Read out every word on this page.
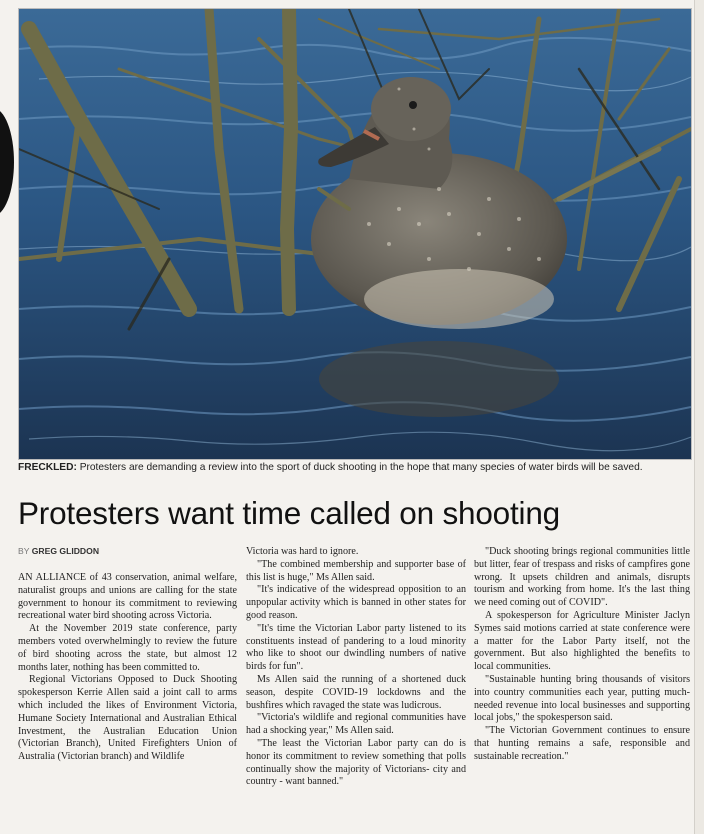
FRECKLED: Protesters are demanding a review into the sport of duck shooting in the hope that many species of water birds will be saved.
Protesters want time called on shooting
BY GREG GLIDDON

AN ALLIANCE of 43 conservation, animal welfare, naturalist groups and unions are calling for the state government to honour its commitment to reviewing recreational water bird shooting across Victoria.

At the November 2019 state conference, party members voted overwhelmingly to review the future of bird shooting across the state, but almost 12 months later, nothing has been committed to.

Regional Victorians Opposed to Duck Shooting spokesperson Kerrie Allen said a joint call to arms which included the likes of Environment Victoria, Humane Society International and Australian Ethical Investment, the Australian Education Union (Victorian Branch), United Firefighters Union of Australia (Victorian branch) and Wildlife

Victoria was hard to ignore.

"The combined membership and supporter base of this list is huge," Ms Allen said.

"It's indicative of the widespread opposition to an unpopular activity which is banned in other states for good reason.

"It's time the Victorian Labor party listened to its constituents instead of pandering to a loud minority who like to shoot our dwindling numbers of native birds for fun".

Ms Allen said the running of a shortened duck season, despite COVID-19 lockdowns and the bushfires which ravaged the state was ludicrous.

"Victoria's wildlife and regional communities have had a shocking year," Ms Allen said.

"The least the Victorian Labor party can do is honor its commitment to review something that polls continually show the majority of Victorians- city and country - want banned."

"Duck shooting brings regional communities little but litter, fear of trespass and risks of campfires gone wrong. It upsets children and animals, disrupts tourism and working from home. It's the last thing we need coming out of COVID".

A spokesperson for Agriculture Minister Jaclyn Symes said motions carried at state conference were a matter for the Labor Party itself, not the government. But also highlighted the benefits to local communities.

"Sustainable hunting bring thousands of visitors into country communities each year, putting much-needed revenue into local businesses and supporting local jobs," the spokesperson said.

"The Victorian Government continues to ensure that hunting remains a safe, responsible and sustainable recreation."
